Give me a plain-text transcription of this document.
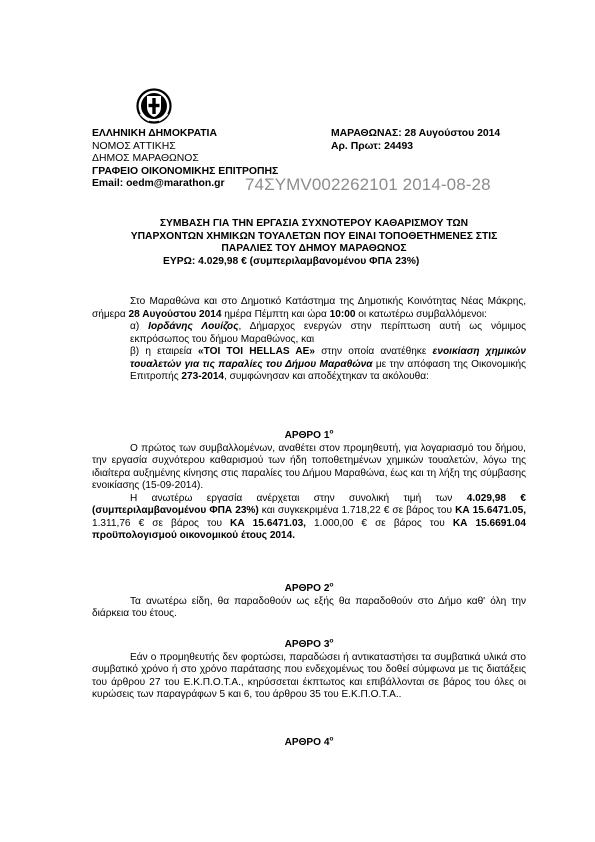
ΕΛΛΗΝΙΚΗ ΔΗΜΟΚΡΑΤΙΑ
ΝΟΜΟΣ ΑΤΤΙΚΗΣ
ΔΗΜΟΣ ΜΑΡΑΘΩΝΟΣ
ΓΡΑΦΕΙΟ ΟΙΚΟΝΟΜΙΚΗΣ ΕΠΙΤΡΟΠΗΣ
Email: oedm@marathon.gr
ΜΑΡΑΘΩΝΑΣ: 28 Αυγούστου 2014
Αρ. Πρωτ: 24493
74ΣΥΜV002262101 2014-08-28
ΣΥΜΒΑΣΗ ΓΙΑ ΤΗΝ ΕΡΓΑΣΙΑ ΣΥΧΝΟΤΕΡΟΥ ΚΑΘΑΡΙΣΜΟΥ ΤΩΝ
ΥΠΑΡΧΟΝΤΩΝ ΧΗΜΙΚΩΝ ΤΟΥΑΛΕΤΩΝ ΠΟΥ ΕΙΝΑΙ ΤΟΠΟΘΕΤΗΜΕΝΕΣ ΣΤΙΣ
ΠΑΡΑΛΙΕΣ ΤΟΥ ΔΗΜΟΥ ΜΑΡΑΘΩΝΟΣ
ΕΥΡΩ: 4.029,98 € (συμπεριλαμβανομένου ΦΠΑ 23%)

Στο Μαραθώνα και στο Δημοτικό Κατάστημα της Δημοτικής Κοινότητας Νέας Μάκρης, σήμερα 28 Αυγούστου 2014 ημέρα Πέμπτη και ώρα 10:00 οι κατωτέρω συμβαλλόμενοι:

α) Ιορδάνης Λουίζος, Δήμαρχος ενεργών στην περίπτωση αυτή ως νόμιμος εκπρόσωπος του δήμου Μαραθώνος, και

β) η εταιρεία «TOI TOI HELLAS AE» στην οποία ανατέθηκε ενοικίαση χημικών τουαλετών για τις παραλίες του Δήμου Μαραθώνα με την απόφαση της Οικονομικής Επιτροπής 273-2014, συμφώνησαν και αποδέχτηκαν τα ακόλουθα:

ΑΡΘΡΟ $1^o$

Ο πρώτος των συμβαλλομένων, αναθέτει στον προμηθευτή, για λογαριασμό του δήμου, την εργασία συχνότερου καθαρισμού των ήδη τοποθετημένων χημικών τουαλετών, λόγω της ιδιαίτερα αυξημένης κίνησης στις παραλίες του Δήμου Μαραθώνα, έως και τη λήξη της σύμβασης ενοικίασης (15-09-2014).

Η ανωτέρω εργασία ανέρχεται στην συνολική τιμή των 4.029,98 € (συμπεριλαμβανομένου ΦΠΑ 23%) και συγκεκριμένα 1.718,22 € σε βάρος του ΚΑ 15.6471.05, 1.311,76 € σε βάρος του ΚΑ 15.6471.03, 1.000,00 € σε βάρος του ΚΑ 15.6691.04 προϋπολογισμού οικονομικού έτους 2014.

ΑΡΘΡΟ $2^o$

Τα ανωτέρω είδη, θα παραδοθούν ως εξής θα παραδοθούν στο Δήμο καθ' όλη την διάρκεια του έτους.

ΑΡΘΡΟ $3^o$

Εάν ο προμηθευτής δεν φορτώσει, παραδώσει ή αντικαταστήσει τα συμβατικά υλικά στο συμβατικό χρόνο ή στο χρόνο παράτασης που ενδεχομένως του δοθεί σύμφωνα με τις διατάξεις του άρθρου 27 του Ε.Κ.Π.Ο.Τ.Α., κηρύσσεται έκπτωτος και επιβάλλονται σε βάρος του όλες οι κυρώσεις των παραγράφων 5 και 6, του άρθρου 35 του Ε.Κ.Π.Ο.Τ.Α..

ΑΡΘΡΟ $4^o$
